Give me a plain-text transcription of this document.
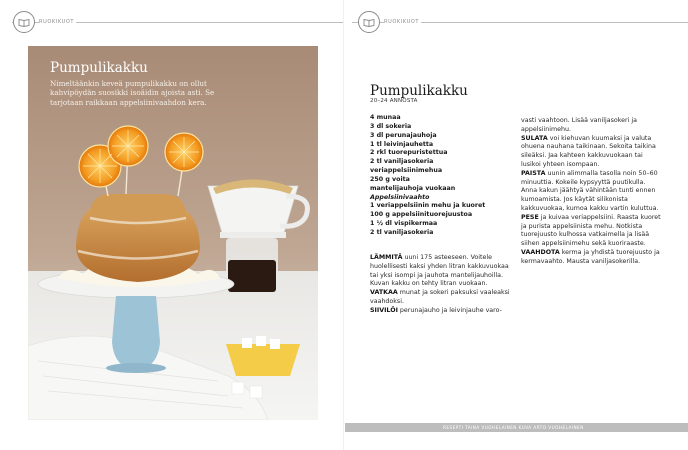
RUOKIKUOT
Pumpulikakku
Nimeltäänkin kevеä pumpulikakku on ollut kahvipöydän suosikki isoäidin ajoista asti. Se tarjotaan raikkaan appelsiinivaahdon kera.
RUOKIKUOT
Pumpulikakku
20–24 ANNOSTA
4 munaa
3 dl sokeria
3 dl perunajauhoja
1 tl leivinjauhetta
2 rkl tuorepuristettua
2 tl vaniljasokeria
veriappelsiinimehua
250 g voita
mantelijauhoja vuokaan
Appelsiinivaahto
1 veriappelsiinin mehu ja kuoret
100 g appelsiinituorejuustoa
1 ½ dl vispikermaa
2 tl vaniljasokeria

LÄMMITÄ uuni 175 asteeseen. Voitele huolellisesti kaksi yhden litran kakkuvuokaa tai yksi isompi ja jauhota mantelijauhoilla. Kuvan kakku on tehty litran vuokaan.

VATKAA munat ja sokeri paksuksi vaaleaksi vaahdoksi.

SIIVILÖI perunajauho ja leivinjauhe varo-

vasti vaahtoon. Lisää vaniljasokeri ja appelsiinimehu.

SULATA voi kiehuvan kuumaksi ja valuta ohuena nauhana taikinaan. Sekoita taikina sileäksi. Jaa kahteen kakkuvuokaan tai lusikoi yhteen isompaan.

PAISTA uunin alimmalla tasolla noin 50–60 minuuttia. Kokeile kypsyyttä puutikulla. Anna kakun jäähtyä vähintään tunti ennen kumoamista. Jos käytät silikonista kakkuvuokaa, kumoa kakku vartin kuluttua.

PESE ja kuivaa veriappelsiini. Raasta kuoret ja purista appelsiinista mehu. Notkista tuorejuusto kulhossa vatkaimella ja lisää siihen appelsiinimehu sekä kuoriraaste.

VAAHDOTA kerma ja yhdistä tuorejuusto ja kermavaahto. Mausta vaniljasokerilla.

RESEPTI TAINA VUOHELAINEN KUVA ARTO VUOHELAINEN
